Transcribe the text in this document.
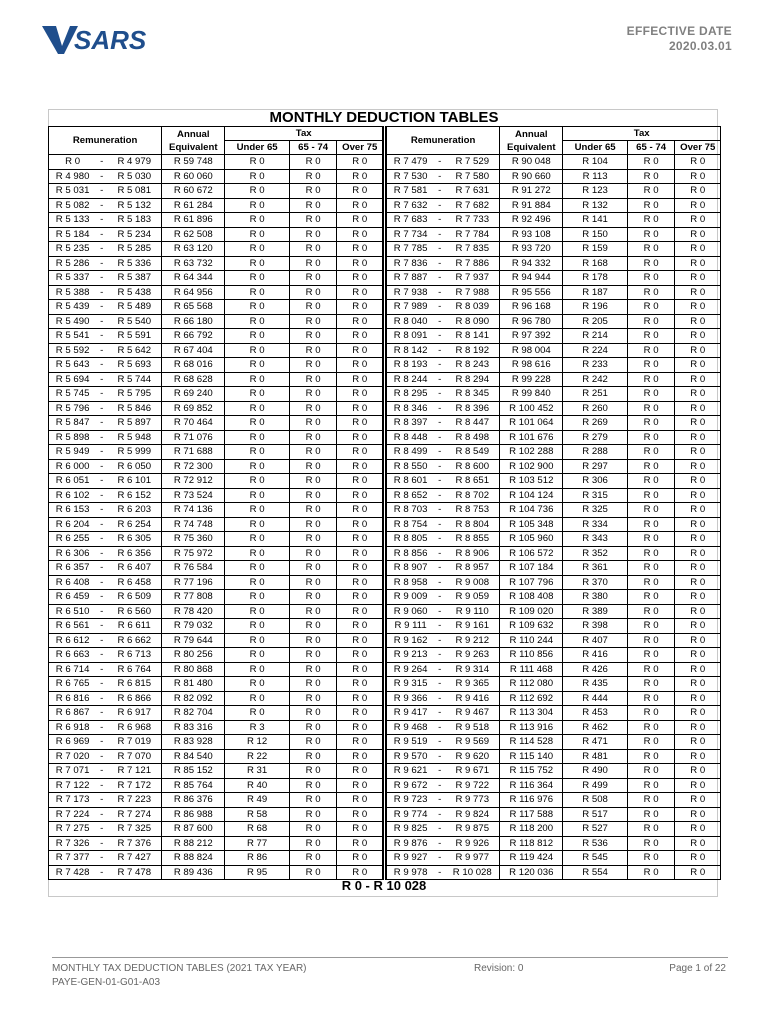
SARS	EFFECTIVE DATE
2020.03.01
MONTHLY DEDUCTION TABLES
Remuneration			Annual
Equivalent	Tax		
				Under 65	65 - 74	Over 75
R 0	-	R 4 979	R 59 748	R 0	R 0	R 0
R 4 980	-	R 5 030	R 60 060	R 0	R 0	R 0
R 5 031	-	R 5 081	R 60 672	R 0	R 0	R 0
R 5 082	-	R 5 132	R 61 284	R 0	R 0	R 0
R 5 133	-	R 5 183	R 61 896	R 0	R 0	R 0
R 5 184	-	R 5 234	R 62 508	R 0	R 0	R 0
R 5 235	-	R 5 285	R 63 120	R 0	R 0	R 0
R 5 286	-	R 5 336	R 63 732	R 0	R 0	R 0
R 5 337	-	R 5 387	R 64 344	R 0	R 0	R 0
R 5 388	-	R 5 438	R 64 956	R 0	R 0	R 0
R 5 439	-	R 5 489	R 65 568	R 0	R 0	R 0
R 5 490	-	R 5 540	R 66 180	R 0	R 0	R 0
R 5 541	-	R 5 591	R 66 792	R 0	R 0	R 0
R 5 592	-	R 5 642	R 67 404	R 0	R 0	R 0
R 5 643	-	R 5 693	R 68 016	R 0	R 0	R 0
R 5 694	-	R 5 744	R 68 628	R 0	R 0	R 0
R 5 745	-	R 5 795	R 69 240	R 0	R 0	R 0
R 5 796	-	R 5 846	R 69 852	R 0	R 0	R 0
R 5 847	-	R 5 897	R 70 464	R 0	R 0	R 0
R 5 898	-	R 5 948	R 71 076	R 0	R 0	R 0
R 5 949	-	R 5 999	R 71 688	R 0	R 0	R 0
R 6 000	-	R 6 050	R 72 300	R 0	R 0	R 0
R 6 051	-	R 6 101	R 72 912	R 0	R 0	R 0
R 6 102	-	R 6 152	R 73 524	R 0	R 0	R 0
R 6 153	-	R 6 203	R 74 136	R 0	R 0	R 0
R 6 204	-	R 6 254	R 74 748	R 0	R 0	R 0
R 6 255	-	R 6 305	R 75 360	R 0	R 0	R 0
R 6 306	-	R 6 356	R 75 972	R 0	R 0	R 0
R 6 357	-	R 6 407	R 76 584	R 0	R 0	R 0
R 6 408	-	R 6 458	R 77 196	R 0	R 0	R 0
R 6 459	-	R 6 509	R 77 808	R 0	R 0	R 0
R 6 510	-	R 6 560	R 78 420	R 0	R 0	R 0
R 6 561	-	R 6 611	R 79 032	R 0	R 0	R 0
R 6 612	-	R 6 662	R 79 644	R 0	R 0	R 0
R 6 663	-	R 6 713	R 80 256	R 0	R 0	R 0
R 6 714	-	R 6 764	R 80 868	R 0	R 0	R 0
R 6 765	-	R 6 815	R 81 480	R 0	R 0	R 0
R 6 816	-	R 6 866	R 82 092	R 0	R 0	R 0
R 6 867	-	R 6 917	R 82 704	R 0	R 0	R 0
R 6 918	-	R 6 968	R 83 316	R 3	R 0	R 0
R 6 969	-	R 7 019	R 83 928	R 12	R 0	R 0
R 7 020	-	R 7 070	R 84 540	R 22	R 0	R 0
R 7 071	-	R 7 121	R 85 152	R 31	R 0	R 0
R 7 122	-	R 7 172	R 85 764	R 40	R 0	R 0
R 7 173	-	R 7 223	R 86 376	R 49	R 0	R 0
R 7 224	-	R 7 274	R 86 988	R 58	R 0	R 0
R 7 275	-	R 7 325	R 87 600	R 68	R 0	R 0
R 7 326	-	R 7 376	R 88 212	R 77	R 0	R 0
R 7 377	-	R 7 427	R 88 824	R 86	R 0	R 0
R 7 428	-	R 7 478	R 89 436	R 95	R 0	R 0
Remuneration			Annual
Equivalent	Tax		
				Under 65	65 - 74	Over 75
R 7 479	-	R 7 529	R 90 048	R 104	R 0	R 0
R 7 530	-	R 7 580	R 90 660	R 113	R 0	R 0
R 7 581	-	R 7 631	R 91 272	R 123	R 0	R 0
R 7 632	-	R 7 682	R 91 884	R 132	R 0	R 0
R 7 683	-	R 7 733	R 92 496	R 141	R 0	R 0
R 7 734	-	R 7 784	R 93 108	R 150	R 0	R 0
R 7 785	-	R 7 835	R 93 720	R 159	R 0	R 0
R 7 836	-	R 7 886	R 94 332	R 168	R 0	R 0
R 7 887	-	R 7 937	R 94 944	R 178	R 0	R 0
R 7 938	-	R 7 988	R 95 556	R 187	R 0	R 0
R 7 989	-	R 8 039	R 96 168	R 196	R 0	R 0
R 8 040	-	R 8 090	R 96 780	R 205	R 0	R 0
R 8 091	-	R 8 141	R 97 392	R 214	R 0	R 0
R 8 142	-	R 8 192	R 98 004	R 224	R 0	R 0
R 8 193	-	R 8 243	R 98 616	R 233	R 0	R 0
R 8 244	-	R 8 294	R 99 228	R 242	R 0	R 0
R 8 295	-	R 8 345	R 99 840	R 251	R 0	R 0
R 8 346	-	R 8 396	R 100 452	R 260	R 0	R 0
R 8 397	-	R 8 447	R 101 064	R 269	R 0	R 0
R 8 448	-	R 8 498	R 101 676	R 279	R 0	R 0
R 8 499	-	R 8 549	R 102 288	R 288	R 0	R 0
R 8 550	-	R 8 600	R 102 900	R 297	R 0	R 0
R 8 601	-	R 8 651	R 103 512	R 306	R 0	R 0
R 8 652	-	R 8 702	R 104 124	R 315	R 0	R 0
R 8 703	-	R 8 753	R 104 736	R 325	R 0	R 0
R 8 754	-	R 8 804	R 105 348	R 334	R 0	R 0
R 8 805	-	R 8 855	R 105 960	R 343	R 0	R 0
R 8 856	-	R 8 906	R 106 572	R 352	R 0	R 0
R 8 907	-	R 8 957	R 107 184	R 361	R 0	R 0
R 8 958	-	R 9 008	R 107 796	R 370	R 0	R 0
R 9 009	-	R 9 059	R 108 408	R 380	R 0	R 0
R 9 060	-	R 9 110	R 109 020	R 389	R 0	R 0
R 9 111	-	R 9 161	R 109 632	R 398	R 0	R 0
R 9 162	-	R 9 212	R 110 244	R 407	R 0	R 0
R 9 213	-	R 9 263	R 110 856	R 416	R 0	R 0
R 9 264	-	R 9 314	R 111 468	R 426	R 0	R 0
R 9 315	-	R 9 365	R 112 080	R 435	R 0	R 0
R 9 366	-	R 9 416	R 112 692	R 444	R 0	R 0
R 9 417	-	R 9 467	R 113 304	R 453	R 0	R 0
R 9 468	-	R 9 518	R 113 916	R 462	R 0	R 0
R 9 519	-	R 9 569	R 114 528	R 471	R 0	R 0
R 9 570	-	R 9 620	R 115 140	R 481	R 0	R 0
R 9 621	-	R 9 671	R 115 752	R 490	R 0	R 0
R 9 672	-	R 9 722	R 116 364	R 499	R 0	R 0
R 9 723	-	R 9 773	R 116 976	R 508	R 0	R 0
R 9 774	-	R 9 824	R 117 588	R 517	R 0	R 0
R 9 825	-	R 9 875	R 118 200	R 527	R 0	R 0
R 9 876	-	R 9 926	R 118 812	R 536	R 0	R 0
R 9 927	-	R 9 977	R 119 424	R 545	R 0	R 0
R 9 978	-	R 10 028	R 120 036	R 554	R 0	R 0
R 0 - R 10 028
MONTHLY TAX DEDUCTION TABLES (2021 TAX YEAR)
PAYE-GEN-01-G01-A03
Revision: 0	Page 1 of 22
